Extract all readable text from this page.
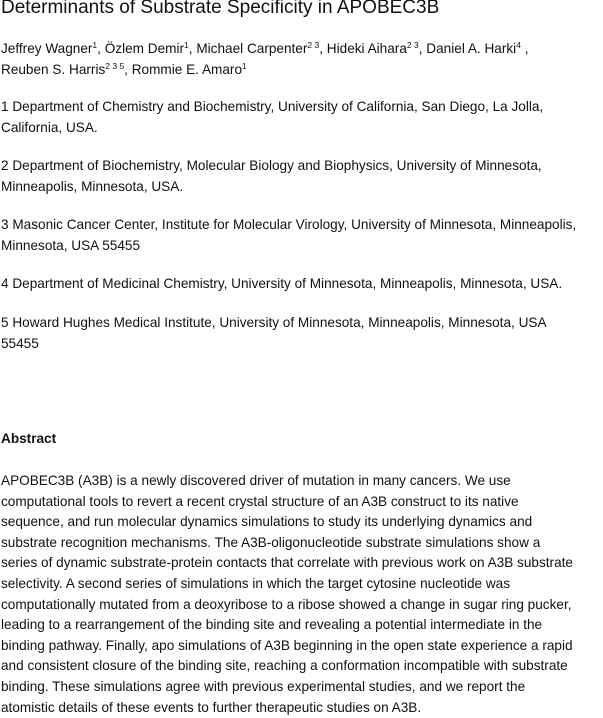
Determinants of Substrate Specificity in APOBEC3B

Jeffrey Wagner$^1$, Özlem Demir$^1$, Michael Carpenter$^{2 3}$, Hideki Aihara$^{2 3}$, Daniel A. Harki$^4$ ,
Reuben S. Harris$^{2 3 5}$, Rommie E. Amaro$^1$

1 Department of Chemistry and Biochemistry, University of California, San Diego, La Jolla,
California, USA.

2 Department of Biochemistry, Molecular Biology and Biophysics, University of Minnesota,
Minneapolis, Minnesota, USA.

3 Masonic Cancer Center, Institute for Molecular Virology, University of Minnesota, Minneapolis,
Minnesota, USA 55455

4 Department of Medicinal Chemistry, University of Minnesota, Minneapolis, Minnesota, USA.

5 Howard Hughes Medical Institute, University of Minnesota, Minneapolis, Minnesota, USA
55455

Abstract

APOBEC3B (A3B) is a newly discovered driver of mutation in many cancers. We use
computational tools to revert a recent crystal structure of an A3B construct to its native
sequence, and run molecular dynamics simulations to study its underlying dynamics and
substrate recognition mechanisms. The A3B-oligonucleotide substrate simulations show a
series of dynamic substrate-protein contacts that correlate with previous work on A3B substrate
selectivity. A second series of simulations in which the target cytosine nucleotide was
computationally mutated from a deoxyribose to a ribose showed a change in sugar ring pucker,
leading to a rearrangement of the binding site and revealing a potential intermediate in the
binding pathway. Finally, apo simulations of A3B beginning in the open state experience a rapid
and consistent closure of the binding site, reaching a conformation incompatible with substrate
binding. These simulations agree with previous experimental studies, and we report the
atomistic details of these events to further therapeutic studies on A3B.
